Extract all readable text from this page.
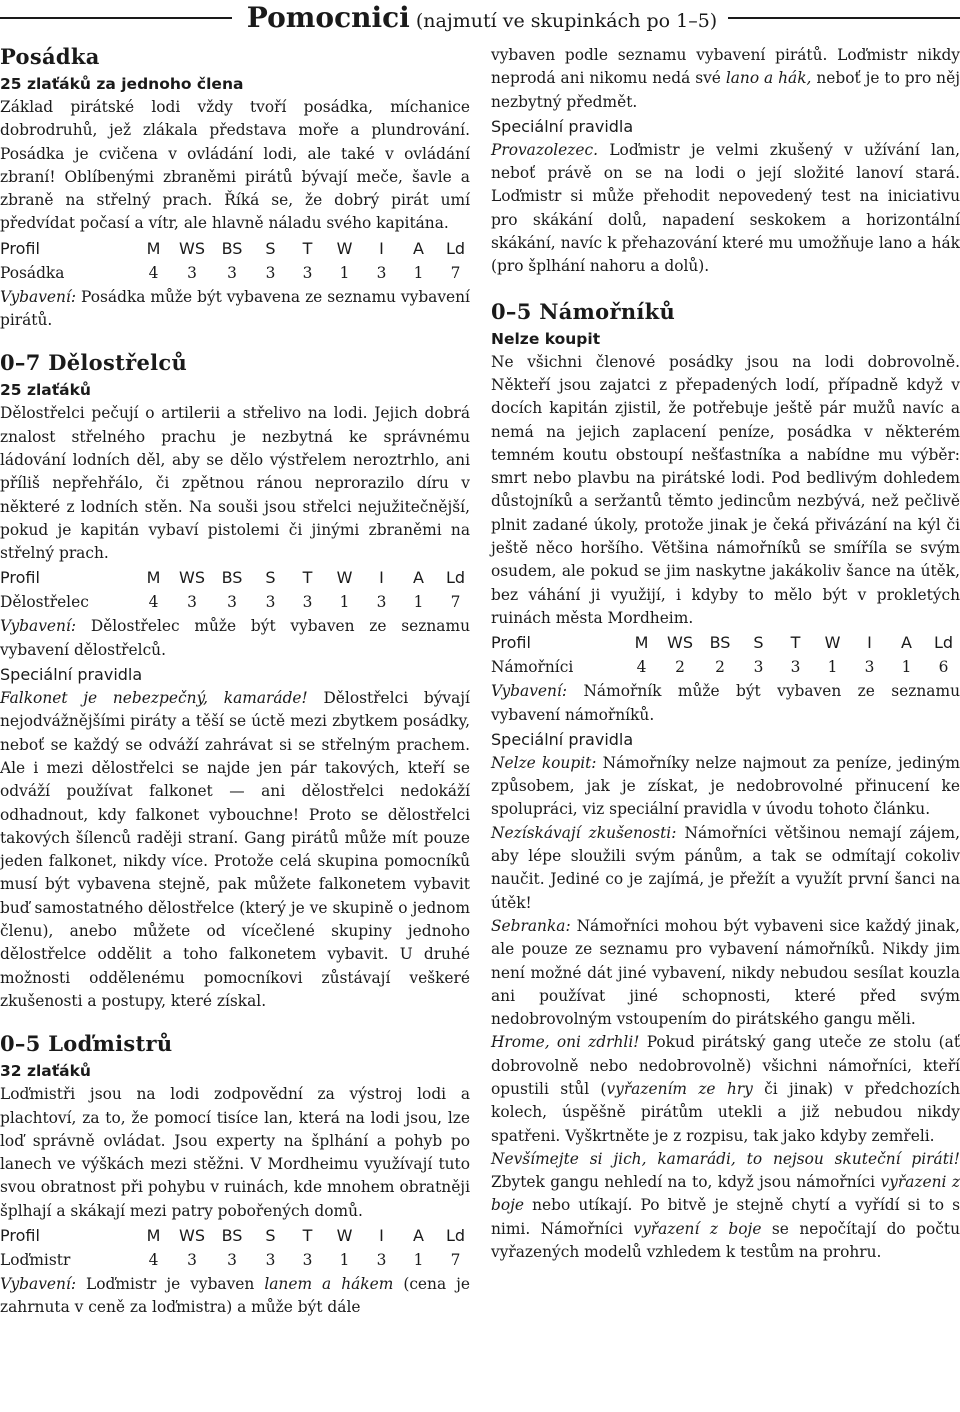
Pomocnici (najmutí ve skupinkách po 1–5)
Posádka
25 zlaťáků za jednoho člena

Základ pirátské lodi vždy tvoří posádka, míchanice dobrodruhů, jež zlákala představa moře a plundrování. Posádka je cvičena v ovládání lodi, ale také v ovládání zbraní! Oblíbenými zbraněmi pirátů bývají meče, šavle a zbraně na střelný prach. Říká se, že dobrý pirát umí předvídat počasí a vítr, ale hlavně náladu svého kapitána.

Profil	M	WS	BS	S	T	W	I	A	Ld
Posádka	4	3	3	3	3	1	3	1	7

Vybavení: Posádka může být vybavena ze seznamu vybavení pirátů.

0–7 Dělostřelců
25 zlaťáků

Dělostřelci pečují o artilerii a střelivo na lodi. Jejich dobrá znalost střelného prachu je nezbytná ke správnému ládování lodních děl, aby se dělo výstřelem neroztrhlo, ani příliš nepřehřálo, či zpětnou ránou neprorazilo díru v některé z lodních stěn. Na souši jsou střelci nejužitečnější, pokud je kapitán vybaví pistolemi či jinými zbraněmi na střelný prach.

Profil	M	WS	BS	S	T	W	I	A	Ld
Dělostřelec	4	3	3	3	3	1	3	1	7

Vybavení: Dělostřelec může být vybaven ze seznamu vybavení dělostřelců.

Speciální pravidla

Falkonet je nebezpečný, kamaráde! Dělostřelci bývají nejodvážnějšími piráty a těší se úctě mezi zbytkem posádky, neboť se každý se odváží zahrávat si se střelným prachem. Ale i mezi dělostřelci se najde jen pár takových, kteří se odváží používat falkonet — ani dělostřelci nedokáží odhadnout, kdy falkonet vybouchne! Proto se dělostřelci takových šílenců raději straní. Gang pirátů může mít pouze jeden falkonet, nikdy více. Protože celá skupina pomocníků musí být vybavena stejně, pak můžete falkonetem vybavit buď samostatného dělostřelce (který je ve skupině o jednom členu), anebo můžete od vícečlené skupiny jednoho dělostřelce oddělit a toho falkonetem vybavit. U druhé možnosti oddělenému pomocníkovi zůstávají veškeré zkušenosti a postupy, které získal.

0–5 Loďmistrů
32 zlaťáků

Loďmistři jsou na lodi zodpovědní za výstroj lodi a plachtoví, za to, že pomocí tisíce lan, která na lodi jsou, lze loď správně ovládat. Jsou experty na šplhání a pohyb po lanech ve výškách mezi stěžni. V Mordheimu využívají tuto svou obratnost při pohybu v ruinách, kde mnohem obratněji šplhají a skákají mezi patry pobořených domů.

Profil	M	WS	BS	S	T	W	I	A	Ld
Loďmistr	4	3	3	3	3	1	3	1	7

Vybavení: Loďmistr je vybaven lanem a hákem (cena je zahrnuta v ceně za loďmistra) a může být dále

vybaven podle seznamu vybavení pirátů. Loďmistr nikdy neprodá ani nikomu nedá své lano a hák, neboť je to pro něj nezbytný předmět.

Speciální pravidla

Provazolezec. Loďmistr je velmi zkušený v užívání lan, neboť právě on se na lodi o její složité lanoví stará. Loďmistr si může přehodit nepovedený test na iniciativu pro skákání dolů, napadení seskokem a horizontální skákání, navíc k přehazování které mu umožňuje lano a hák (pro šplhání nahoru a dolů).

0–5 Námořníků
Nelze koupit

Ne všichni členové posádky jsou na lodi dobrovolně. Někteří jsou zajatci z přepadených lodí, případně když v docích kapitán zjistil, že potřebuje ještě pár mužů navíc a nemá na jejich zaplacení peníze, posádka v některém temném koutu obstoupí nešťastníka a nabídne mu výběr: smrt nebo plavbu na pirátské lodi. Pod bedlivým dohledem důstojníků a seržantů těmto jedincům nezbývá, než pečlivě plnit zadané úkoly, protože jinak je čeká přivázání na kýl či ještě něco horšího. Většina námořníků se smíříla se svým osudem, ale pokud se jim naskytne jakákoliv šance na útěk, bez váhání ji využijí, i kdyby to mělo být v prokletých ruinách města Mordheim.

Profil	M	WS	BS	S	T	W	I	A	Ld
Námořníci	4	2	2	3	3	1	3	1	6

Vybavení: Námořník může být vybaven ze seznamu vybavení námořníků.

Speciální pravidla

Nelze koupit: Námořníky nelze najmout za peníze, jediným způsobem, jak je získat, je nedobrovolné přinucení ke spolupráci, viz speciální pravidla v úvodu tohoto článku.

Nezískávají zkušenosti: Námořníci většinou nemají zájem, aby lépe sloužili svým pánům, a tak se odmítají cokoliv naučit. Jediné co je zajímá, je přežít a využít první šanci na útěk!

Sebranka: Námořníci mohou být vybaveni sice každý jinak, ale pouze ze seznamu pro vybavení námořníků. Nikdy jim není možné dát jiné vybavení, nikdy nebudou sesílat kouzla ani používat jiné schopnosti, které před svým nedobrovolným vstoupením do pirátského gangu měli.

Hrome, oni zdrhli! Pokud pirátský gang uteče ze stolu (ať dobrovolně nebo nedobrovolně) všichni námořníci, kteří opustili stůl (vyřazením ze hry či jinak) v předchozích kolech, úspěšně pirátům utekli a již nebudou nikdy spatřeni. Vyškrtněte je z rozpisu, tak jako kdyby zemřeli.

Nevšímejte si jich, kamarádi, to nejsou skuteční piráti! Zbytek gangu nehledí na to, když jsou námořníci vyřazeni z boje nebo utíkají. Po bitvě je stejně chytí a vyřídí si to s nimi. Námořníci vyřazení z boje se nepočítají do počtu vyřazených modelů vzhledem k testům na prohru.
